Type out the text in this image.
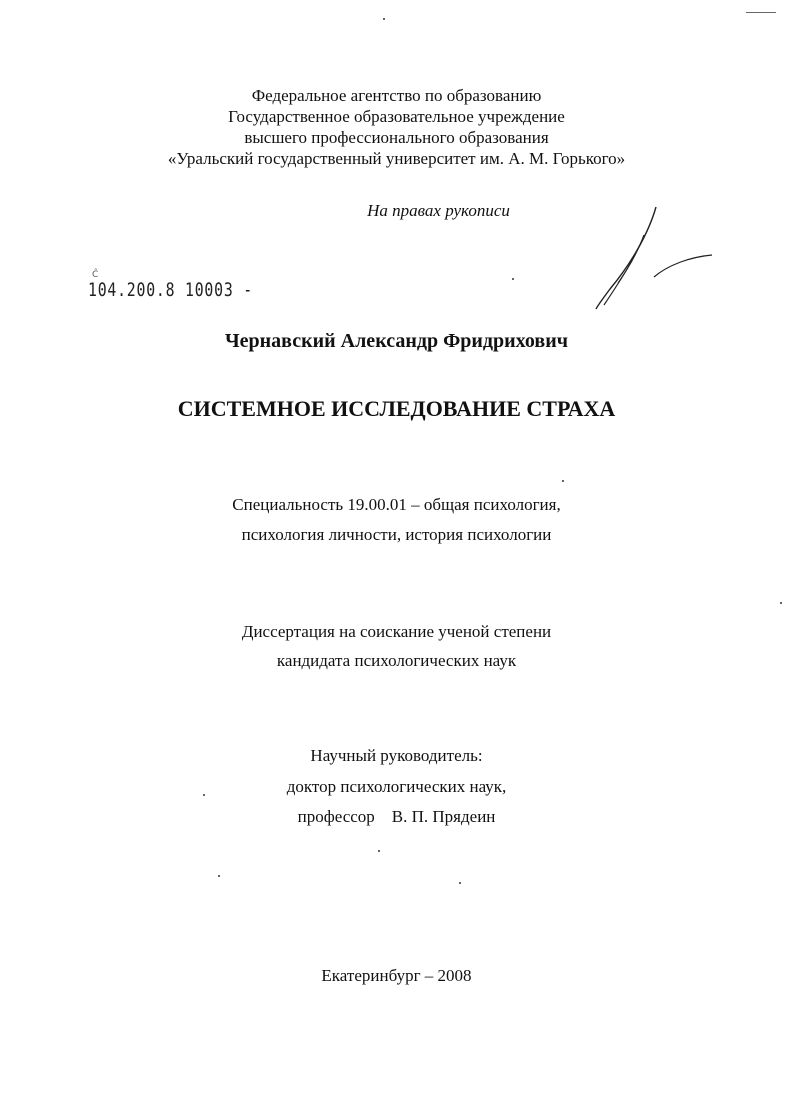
Федеральное агентство по образованию
Государственное образовательное учреждение
высшего профессионального образования
«Уральский государственный университет им. А. М. Горького»
На правах рукописи
Ĉ
104.200.8 10003 -
Чернавский Александр Фридрихович
СИСТЕМНОЕ ИССЛЕДОВАНИЕ СТРАХА
Специальность 19.00.01 – общая психология,
психология личности, история психологии
Диссертация на соискание ученой степени
кандидата психологических наук
Научный руководитель:
доктор психологических наук,
профессор    В. П. Прядеин
Екатеринбург – 2008
